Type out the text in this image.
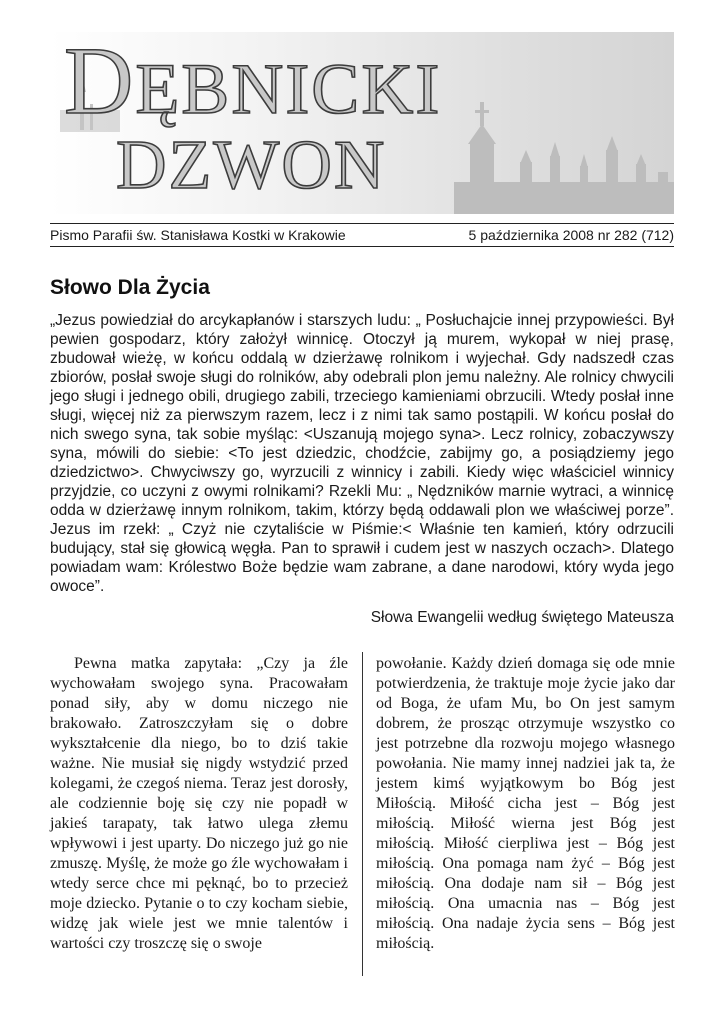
DĘBNICKI
DZWON
Pismo Parafii św. Stanisława Kostki w Krakowie	5 października 2008 nr 282 (712)
Słowo Dla Życia

„Jezus powiedział do arcykapłanów i starszych ludu: „ Posłuchajcie innej przypowieści. Był pewien gospodarz, który założył winnicę. Otoczył ją murem, wykopał w niej prasę, zbudował wieżę, w końcu oddalą w dzierżawę rolnikom i wyjechał. Gdy nadszedł czas zbiorów, posłał swoje sługi do rolników, aby odebrali plon jemu należny. Ale rolnicy chwycili jego sługi i jednego obili, drugiego zabili, trzeciego kamieniami obrzucili. Wtedy posłał inne sługi, więcej niż za pierwszym razem, lecz i z nimi tak samo postąpili. W końcu posłał do nich swego syna, tak sobie myśląc: <Uszanują mojego syna>. Lecz rolnicy, zobaczywszy syna, mówili do siebie: <To jest dziedzic, chodźcie, zabijmy go, a posiądziemy jego dziedzictwo>. Chwyciwszy go, wyrzucili z winnicy i zabili. Kiedy więc właściciel winnicy przyjdzie, co uczyni z owymi rolnikami? Rzekli Mu: „ Nędzników marnie wytraci, a winnicę odda w dzierżawę innym rolnikom, takim, którzy będą oddawali plon we właściwej porze”. Jezus im rzekł: „ Czyż nie czytaliście w Piśmie:< Właśnie ten kamień, który odrzucili budujący, stał się głowicą węgła. Pan to sprawił i cudem jest w naszych oczach>. Dlatego powiadam wam: Królestwo Boże będzie wam zabrane, a dane narodowi, który wyda jego owoce”.

Słowa Ewangelii według świętego Mateusza

Pewna matka zapytała: „Czy ja źle wychowałam swojego syna. Pracowałam ponad siły, aby w domu niczego nie brakowało. Zatroszczyłam się o dobre wykształcenie dla niego, bo to dziś takie ważne. Nie musiał się nigdy wstydzić przed kolegami, że czegoś niema. Teraz jest dorosły, ale codziennie boję się czy nie popadł w jakieś tarapaty, tak łatwo ulega złemu wpływowi i jest uparty. Do niczego już go nie zmuszę. Myślę, że może go źle wychowałam i wtedy serce chce mi pęknąć, bo to przecież moje dziecko. Pytanie o to czy kocham siebie, widzę jak wiele jest we mnie talentów i wartości czy troszczę się o swoje

powołanie. Każdy dzień domaga się ode mnie potwierdzenia, że traktuje moje życie jako dar od Boga, że ufam Mu, bo On jest samym dobrem, że prosząc otrzymuje wszystko co jest potrzebne dla rozwoju mojego własnego powołania. Nie mamy innej nadziei jak ta, że jestem kimś wyjątkowym bo Bóg jest Miłością. Miłość cicha jest – Bóg jest miłością. Miłość wierna jest Bóg jest miłością. Miłość cierpliwa jest – Bóg jest miłością. Ona pomaga nam żyć – Bóg jest miłością. Ona dodaje nam sił – Bóg jest miłością. Ona umacnia nas – Bóg jest miłością. Ona nadaje życia sens – Bóg jest miłością.
